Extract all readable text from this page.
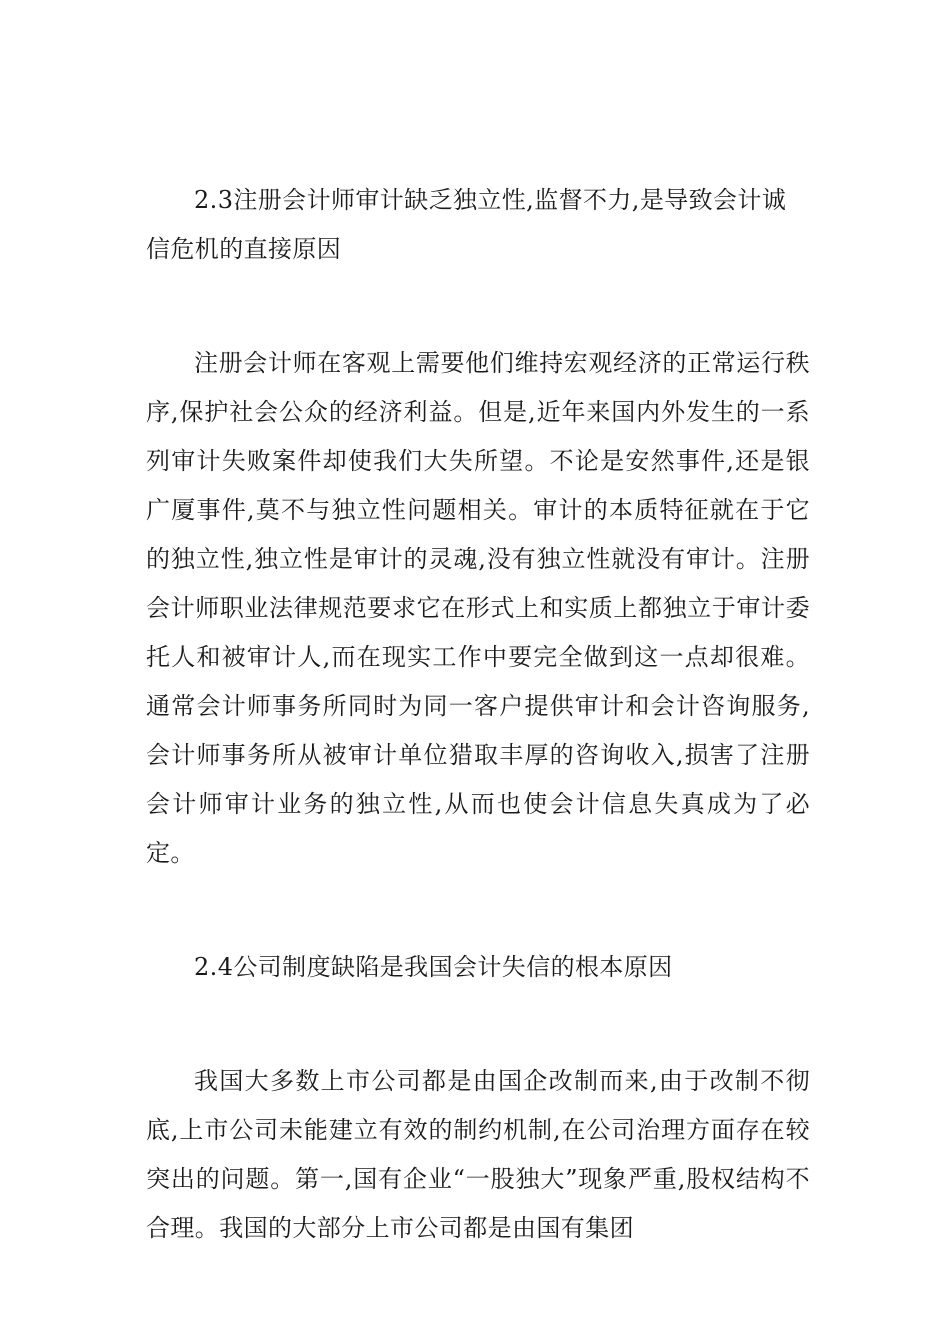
2.3注册会计师审计缺乏独立性,监督不力,是导致会计诚信危机的直接原因

注册会计师在客观上需要他们维持宏观经济的正常运行秩序,保护社会公众的经济利益。但是,近年来国内外发生的一系列审计失败案件却使我们大失所望。不论是安然事件,还是银广厦事件,莫不与独立性问题相关。审计的本质特征就在于它的独立性,独立性是审计的灵魂,没有独立性就没有审计。注册会计师职业法律规范要求它在形式上和实质上都独立于审计委托人和被审计人,而在现实工作中要完全做到这一点却很难。通常会计师事务所同时为同一客户提供审计和会计咨询服务,会计师事务所从被审计单位猎取丰厚的咨询收入,损害了注册会计师审计业务的独立性,从而也使会计信息失真成为了必定。

2.4公司制度缺陷是我国会计失信的根本原因

我国大多数上市公司都是由国企改制而来,由于改制不彻底,上市公司未能建立有效的制约机制,在公司治理方面存在较突出的问题。第一,国有企业“一股独大”现象严重,股权结构不合理。我国的大部分上市公司都是由国有集团
